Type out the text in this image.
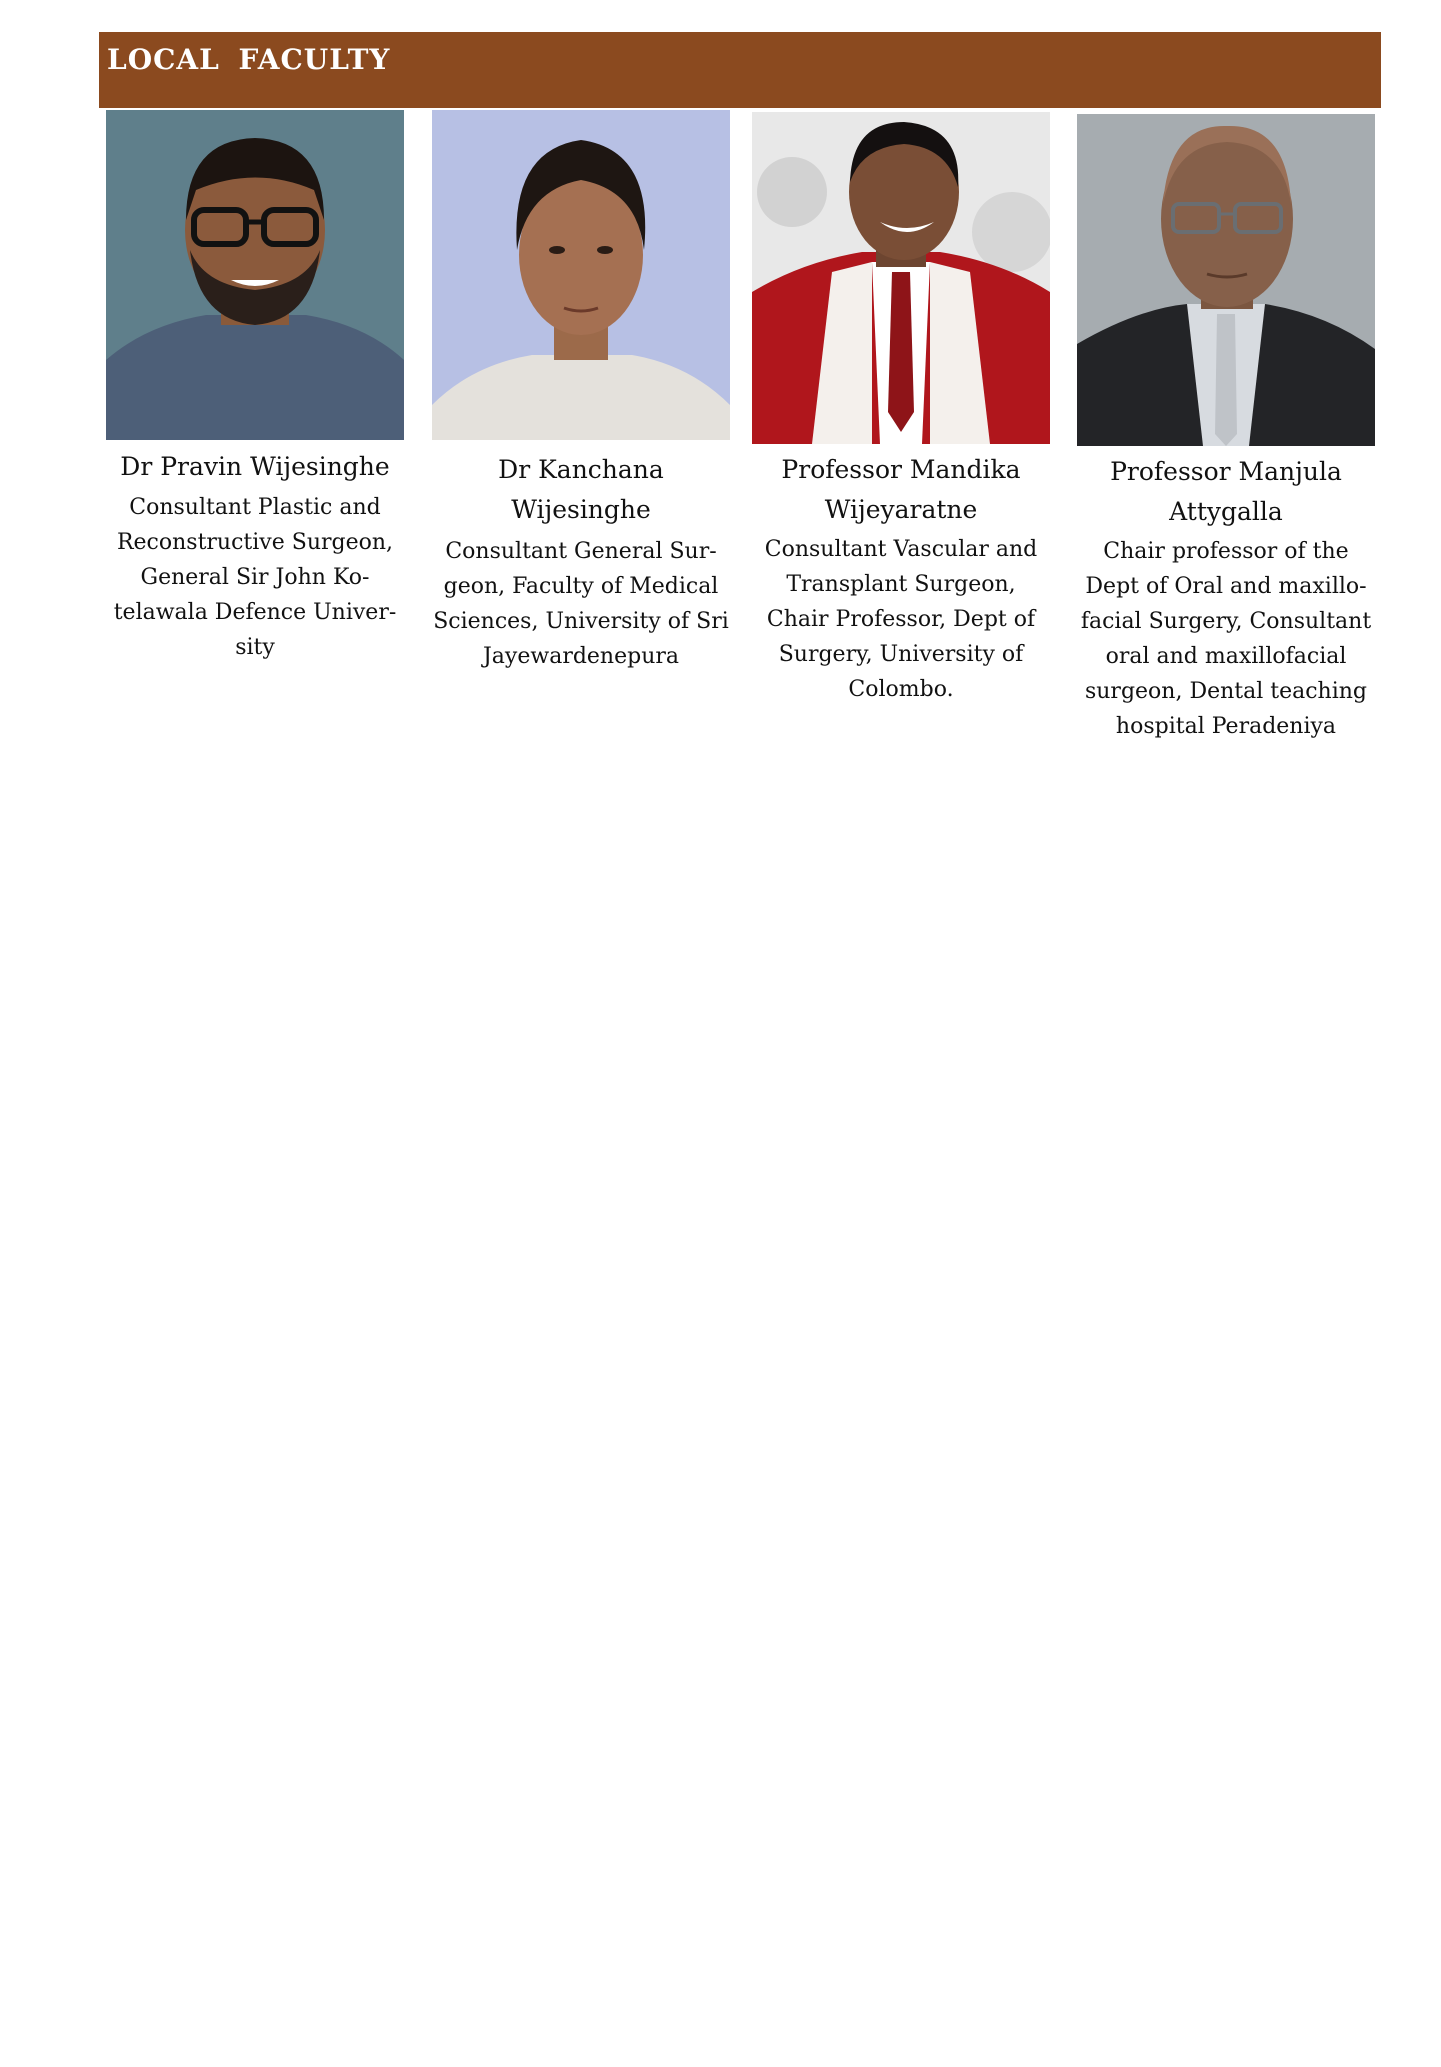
LOCAL FACULTY
Dr Pravin Wijesinghe
Consultant Plastic and
Reconstructive Surgeon,
General Sir John Ko-
telawala Defence Univer-
sity
Dr Kanchana
Wijesinghe
Consultant General Sur-
geon, Faculty of Medical
Sciences, University of Sri
Jayewardenepura
Professor Mandika
Wijeyaratne
Consultant Vascular and
Transplant Surgeon,
Chair Professor, Dept of
Surgery, University of
Colombo.
Professor Manjula
Attygalla
Chair professor of the
Dept of Oral and maxillo-
facial Surgery, Consultant
oral and maxillofacial
surgeon, Dental teaching
hospital Peradeniya
